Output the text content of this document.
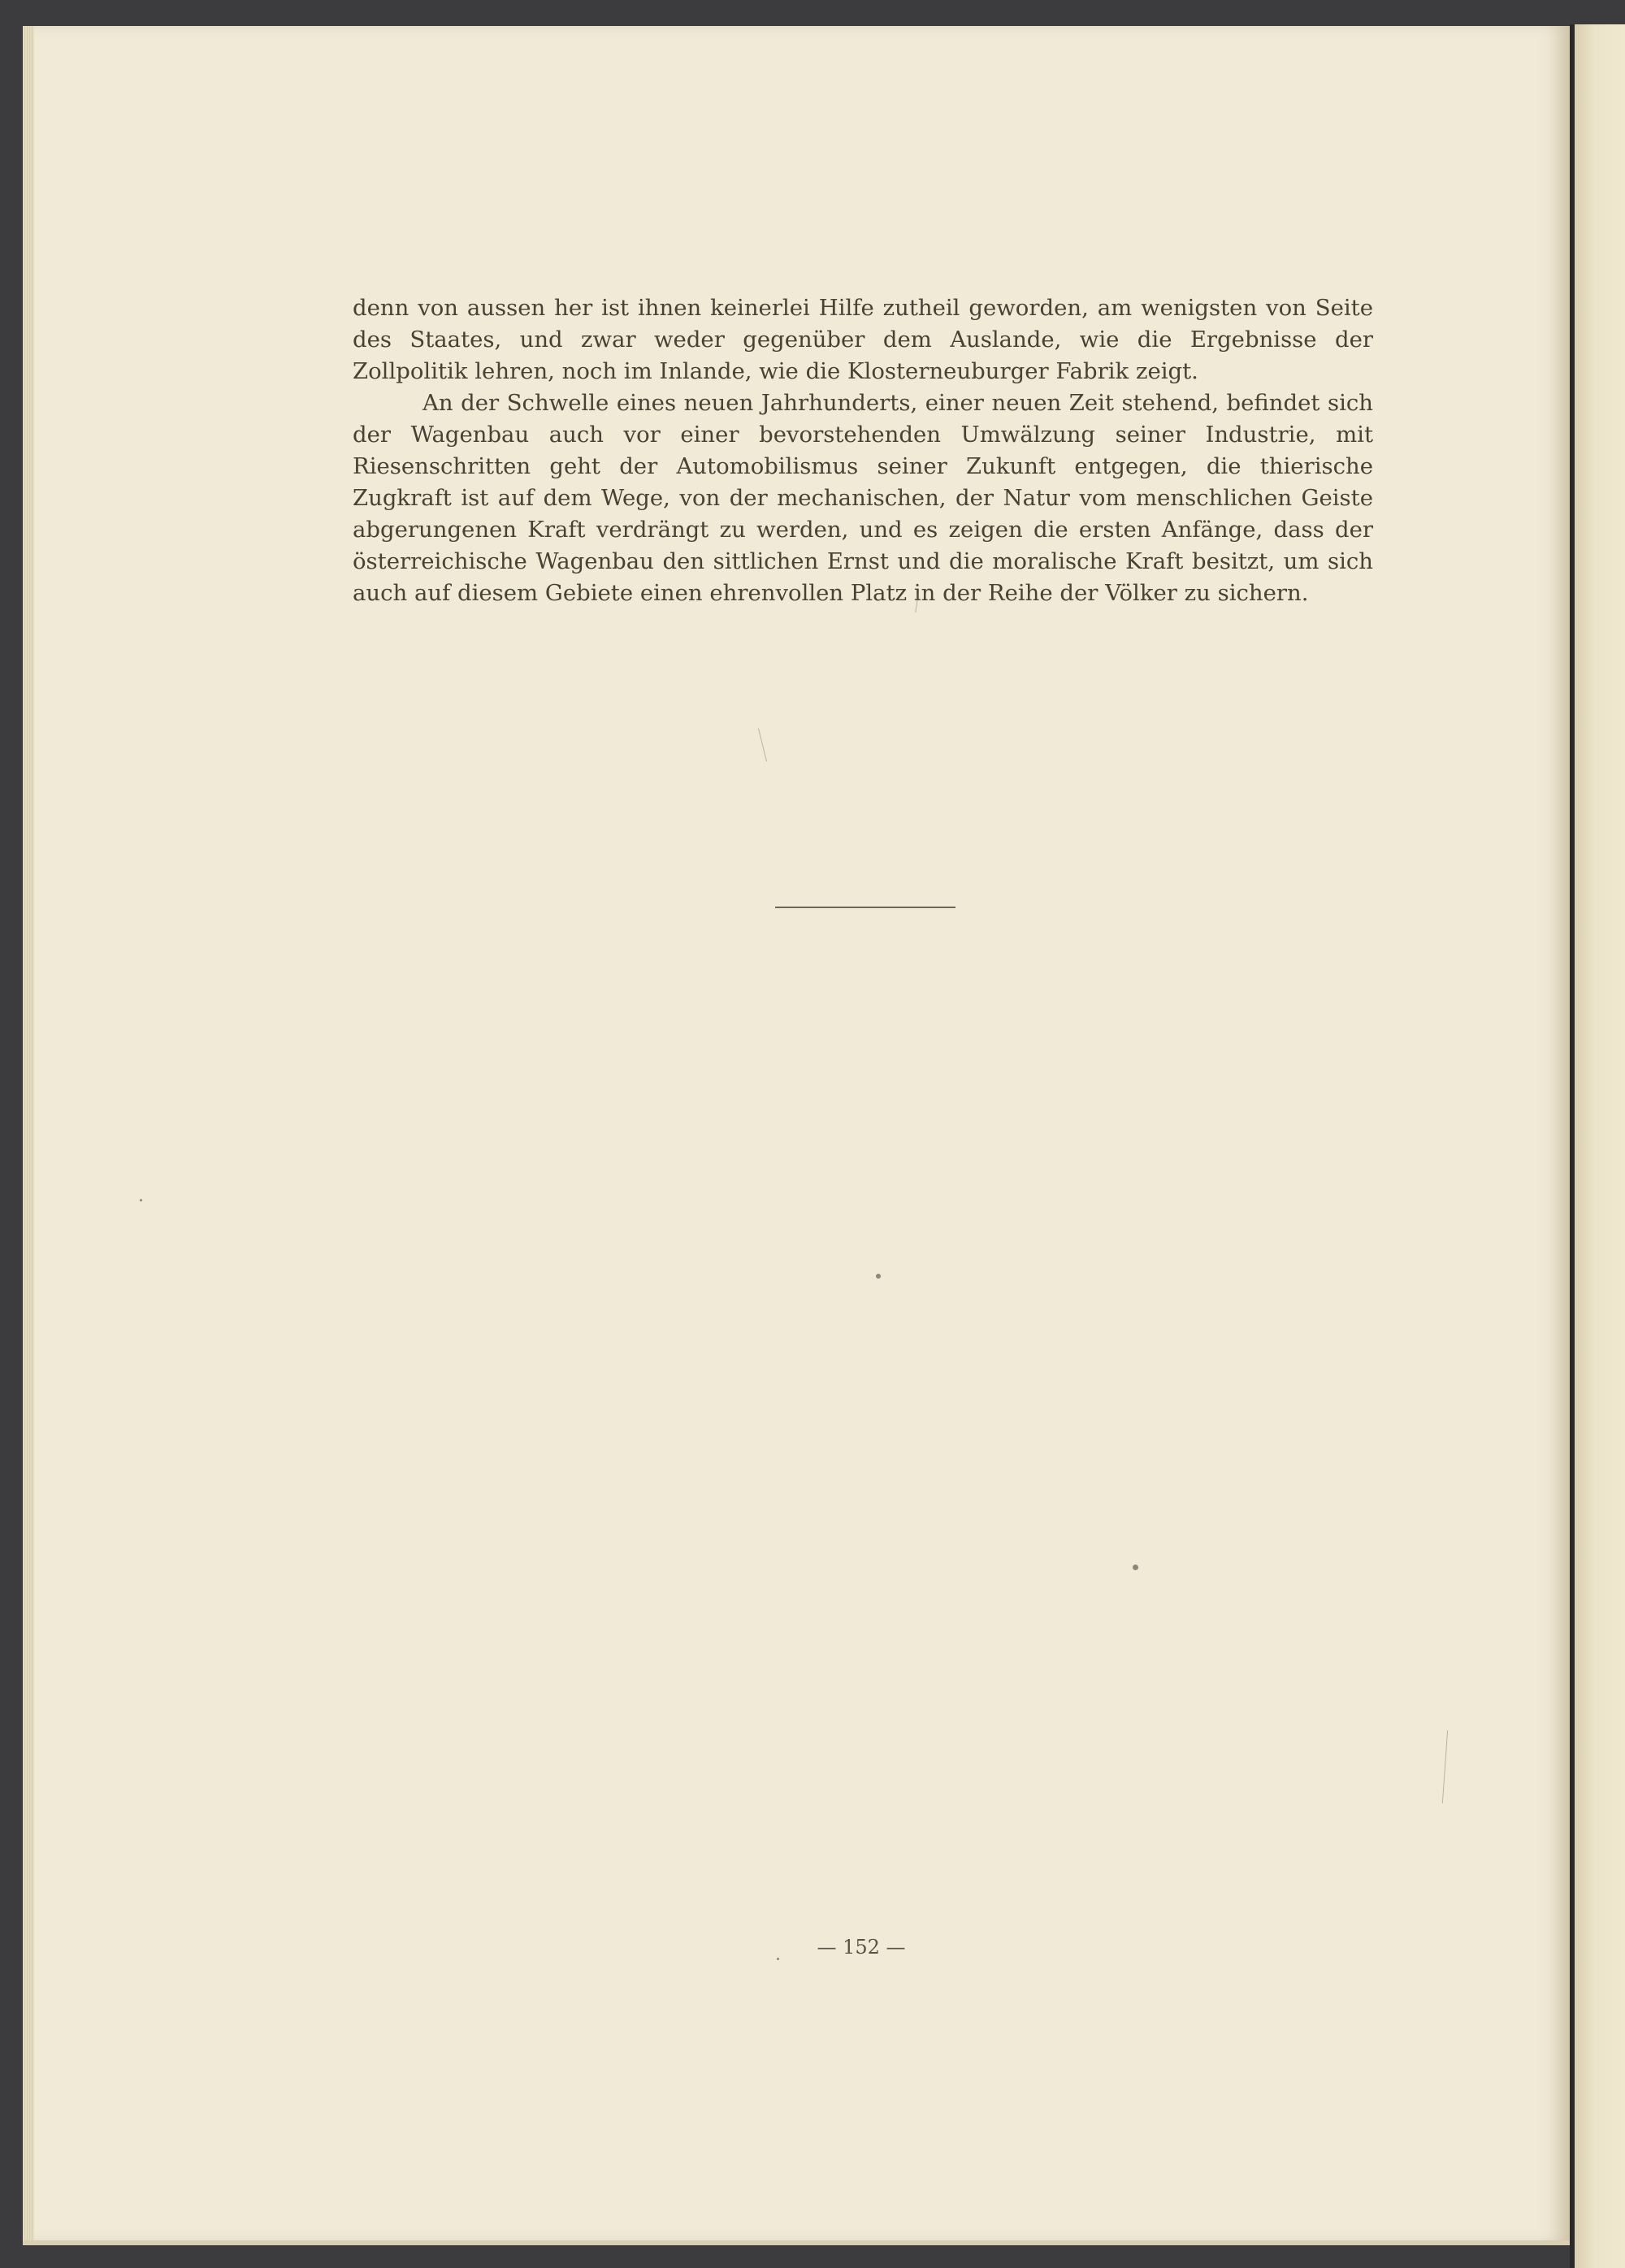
denn von aussen her ist ihnen keinerlei Hilfe zutheil geworden, am wenigsten von Seite des Staates, und zwar weder gegenüber dem Auslande, wie die Ergebnisse der Zollpolitik lehren, noch im Inlande, wie die Klosterneuburger Fabrik zeigt.

An der Schwelle eines neuen Jahrhunderts, einer neuen Zeit stehend, befindet sich der Wagenbau auch vor einer bevorstehenden Umwälzung seiner Industrie, mit Riesenschritten geht der Automobilismus seiner Zukunft entgegen, die thierische Zugkraft ist auf dem Wege, von der mechanischen, der Natur vom menschlichen Geiste abgerungenen Kraft verdrängt zu werden, und es zeigen die ersten Anfänge, dass der österreichische Wagenbau den sittlichen Ernst und die moralische Kraft besitzt, um sich auch auf diesem Gebiete einen ehrenvollen Platz in der Reihe der Völker zu sichern.

— 152 —
